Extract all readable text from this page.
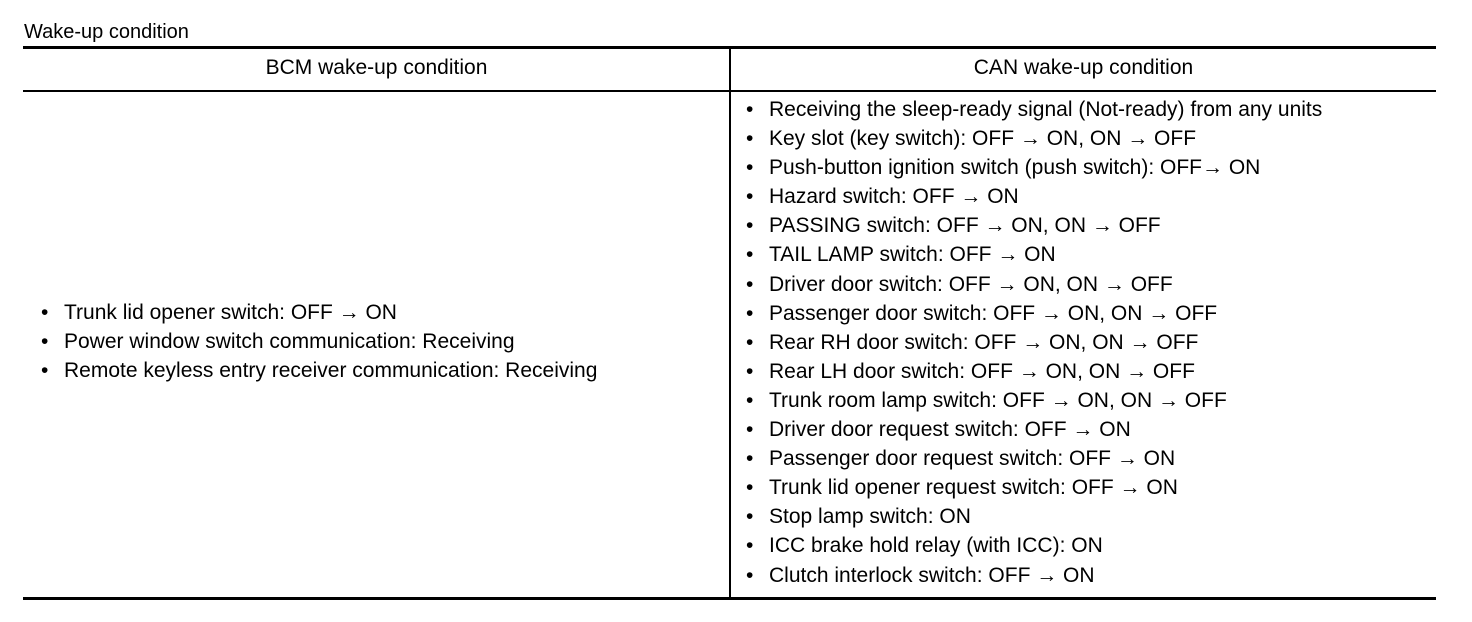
Wake-up condition
BCM wake-up condition	CAN wake-up condition
• Trunk lid opener switch: OFF → ON
• Power window switch communication: Receiving
• Remote keyless entry receiver communication: Receiving
• Receiving the sleep-ready signal (Not-ready) from any units
• Key slot (key switch): OFF → ON, ON → OFF
• Push-button ignition switch (push switch): OFF→ ON
• Hazard switch: OFF → ON
• PASSING switch: OFF → ON, ON → OFF
• TAIL LAMP switch: OFF → ON
• Driver door switch: OFF → ON, ON → OFF
• Passenger door switch: OFF → ON, ON → OFF
• Rear RH door switch: OFF → ON, ON → OFF
• Rear LH door switch: OFF → ON, ON → OFF
• Trunk room lamp switch: OFF → ON, ON → OFF
• Driver door request switch: OFF → ON
• Passenger door request switch: OFF → ON
• Trunk lid opener request switch: OFF → ON
• Stop lamp switch: ON
• ICC brake hold relay (with ICC): ON
• Clutch interlock switch: OFF → ON
